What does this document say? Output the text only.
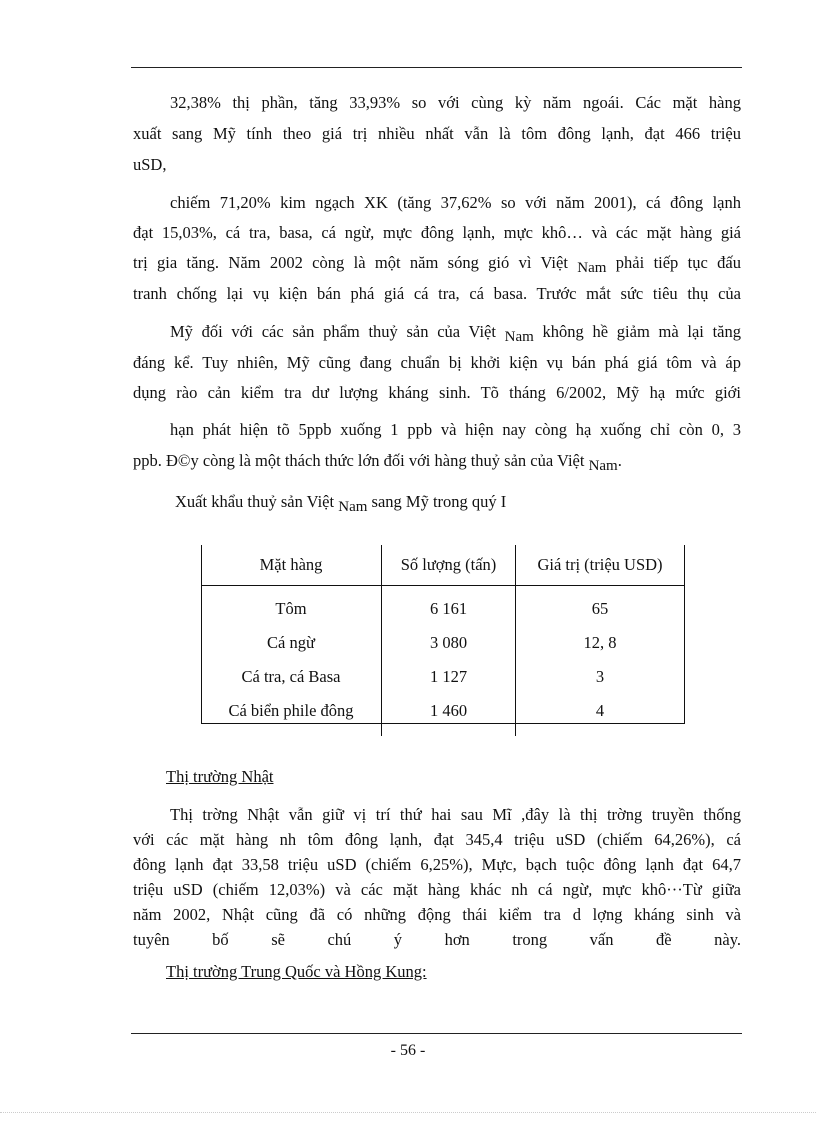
32,38% thị phần, tăng 33,93% so với cùng kỳ năm ngoái. Các mặt hàng
xuất sang Mỹ tính theo giá trị nhiều nhất vẫn là tôm đông lạnh, đạt 466 triệu
uSD,
chiếm 71,20% kim ngạch XK (tăng 37,62% so với năm 2001), cá đông lạnh
đạt 15,03%, cá tra, basa, cá ngừ, mực đông lạnh, mực khô… và các mặt hàng giá
trị gia tăng. Năm 2002 còng là một năm sóng gió vì Việt Nam phải tiếp tục đấu
tranh chống lại vụ kiện bán phá giá cá tra, cá basa. Trước mắt sức tiêu thụ của
Mỹ đối với các sản phẩm thuỷ sản của Việt Nam không hề giảm mà lại tăng
đáng kể. Tuy nhiên, Mỹ cũng đang chuẩn bị khởi kiện vụ bán phá giá tôm và áp
dụng rào cản kiểm tra dư lượng kháng sinh. Tõ tháng 6/2002, Mỹ hạ mức giới
hạn phát hiện tõ 5ppb xuống 1 ppb và hiện nay còng hạ xuống chỉ còn 0, 3
ppb. Đ©y còng là một thách thức lớn đối với hàng thuỷ sản của Việt Nam.
Xuất khẩu thuỷ sản Việt Nam sang Mỹ trong quý I
Mặt hàng	Số lượng (tấn)	Giá trị (triệu USD)
Tôm	6 161	65
Cá ngừ	3 080	12, 8
Cá tra, cá Basa	1 127	3
Cá biển phile đông	1 460	4
Thị trường Nhật
Thị trờng Nhật vẫn giữ vị trí thứ hai sau Mĩ ,đây là thị trờng truyền thống
với các mặt hàng nh tôm đông lạnh, đạt 345,4 triệu uSD (chiếm 64,26%), cá
đông lạnh đạt 33,58 triệu uSD (chiếm 6,25%), Mực, bạch tuộc đông lạnh đạt 64,7
triệu uSD (chiếm 12,03%) và các mặt hàng khác nh cá ngừ, mực khô···Từ giữa
năm 2002, Nhật cũng đã có những động thái kiểm tra d lợng kháng sinh và
tuyên bố sẽ chú ý hơn trong vấn đề này.
Thị trường Trung Quốc và Hồng Kung:
- 56 -
